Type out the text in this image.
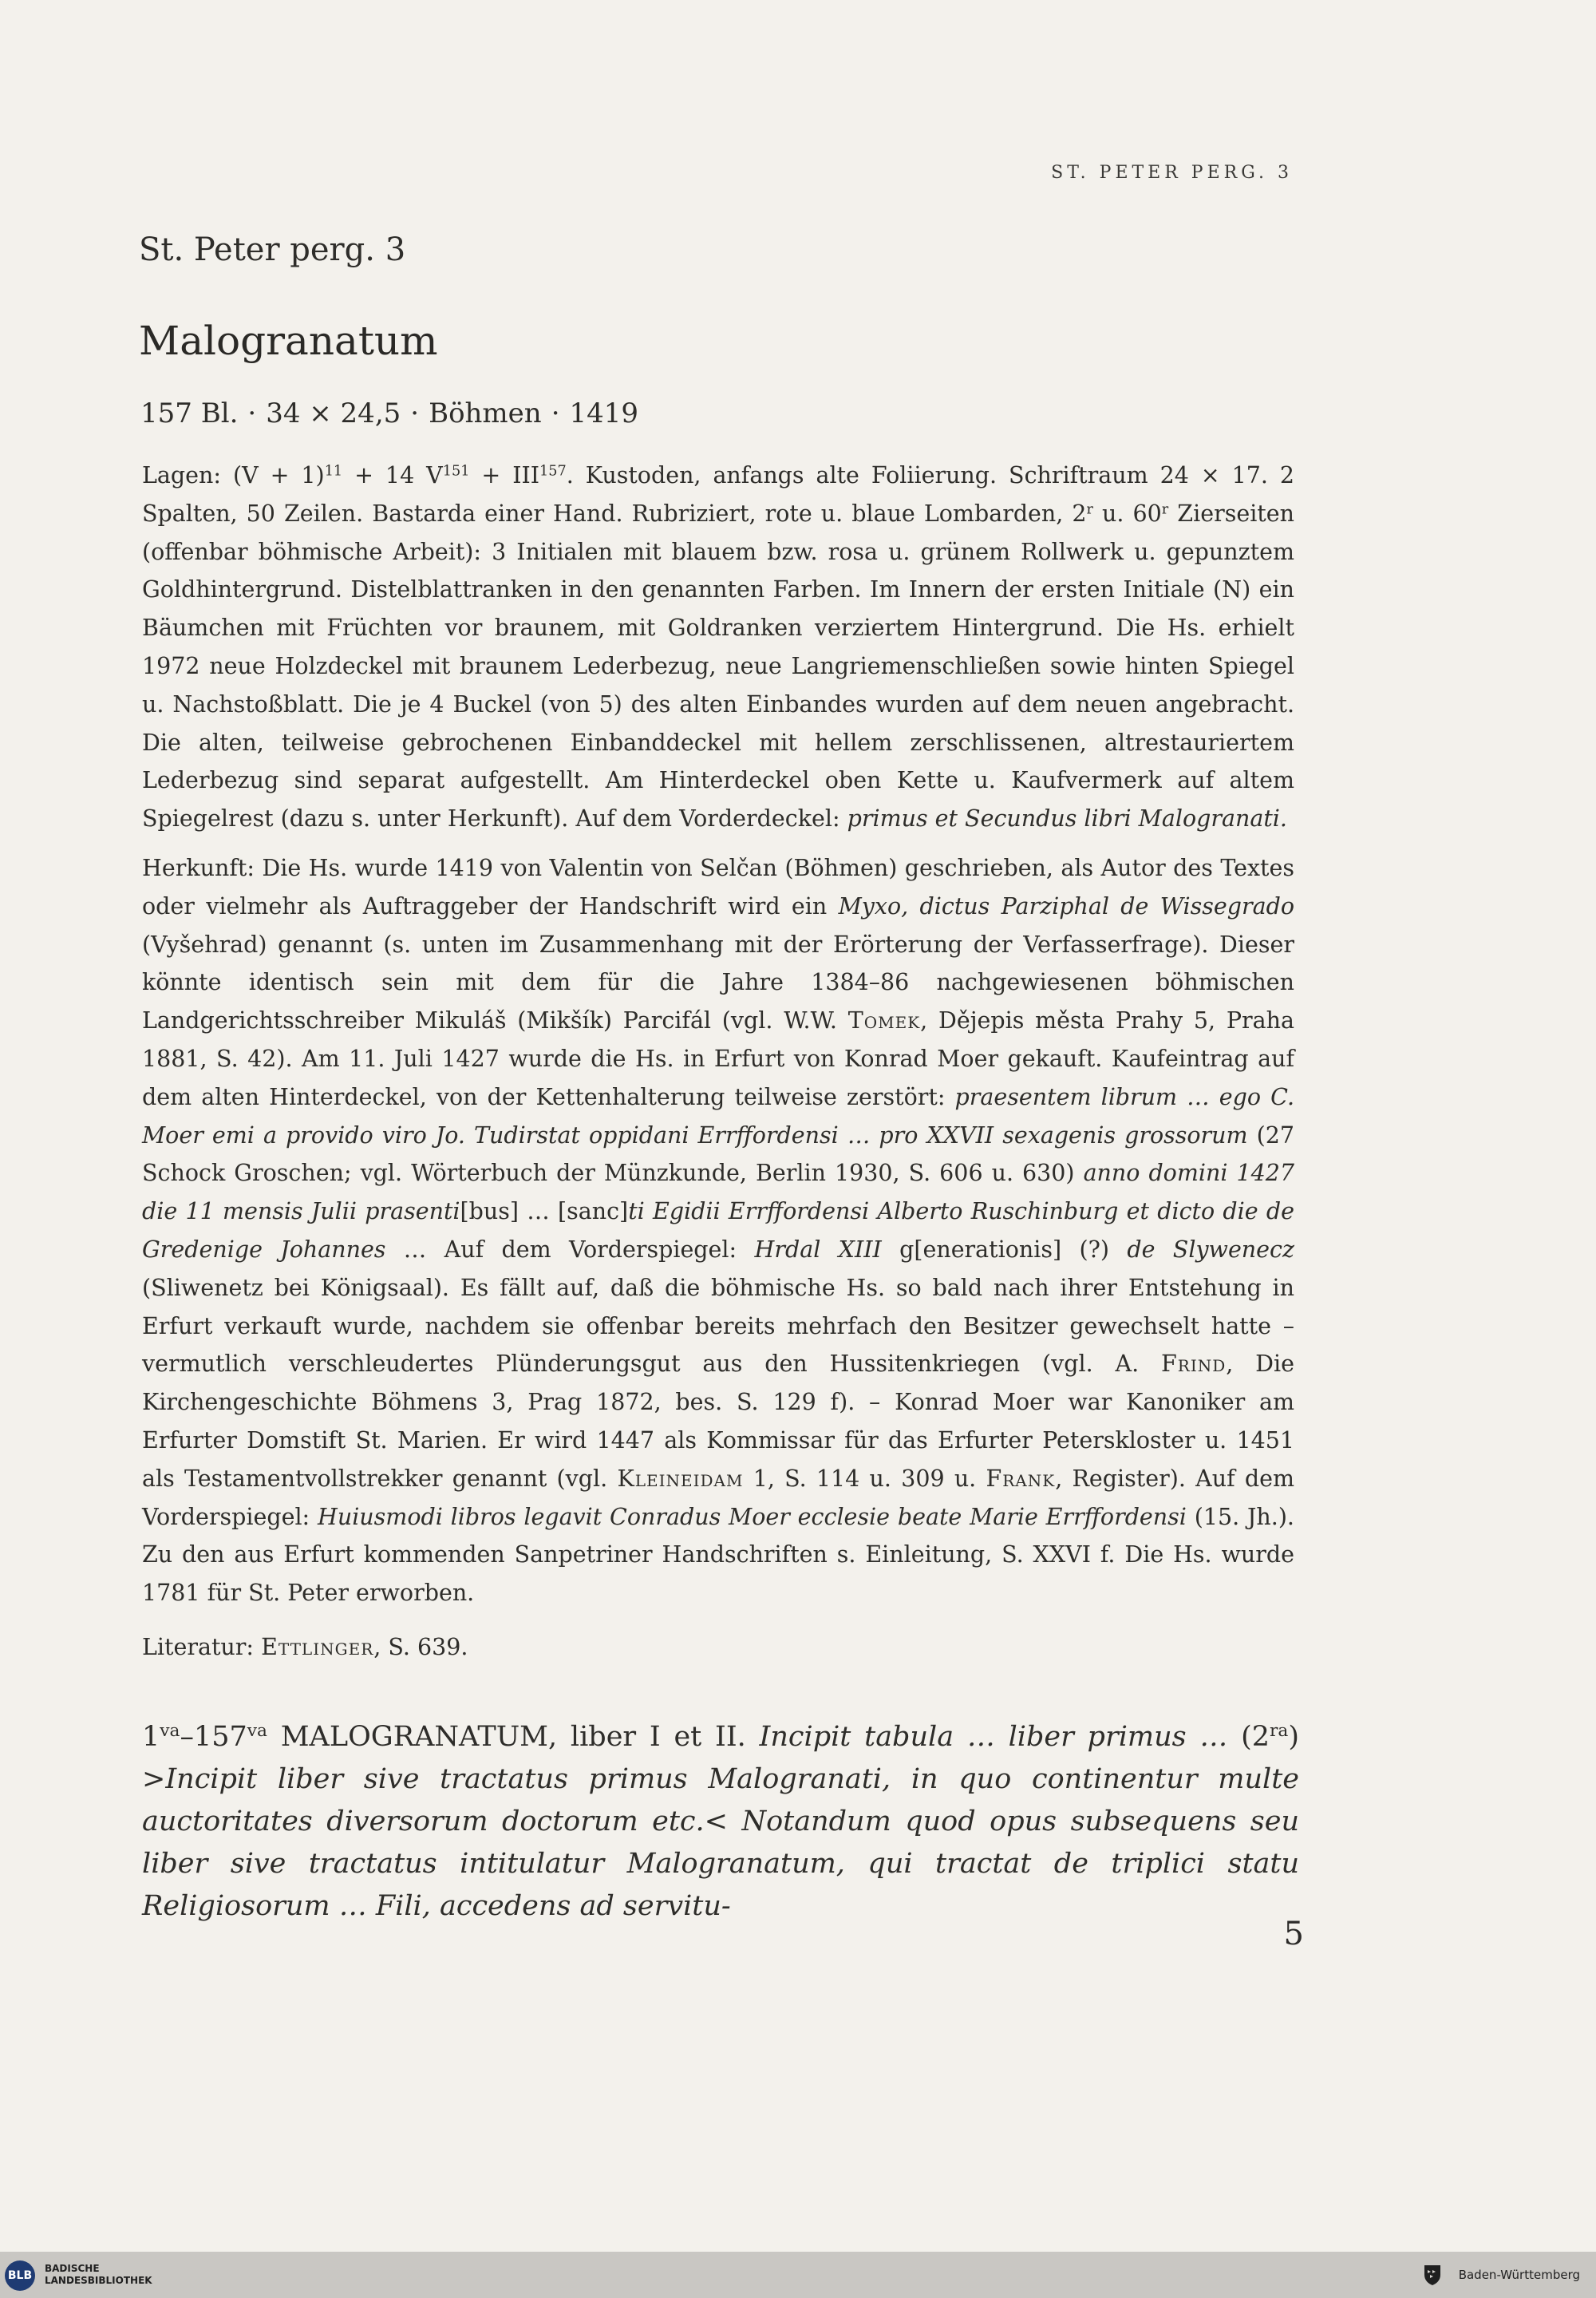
ST. PETER PERG. 3
St. Peter perg. 3
Malogranatum
157 Bl. · 34 × 24,5 · Böhmen · 1419
Lagen: $(V + 1)^{11} + 14$ $V^{151} + III^{157}$. Kustoden, anfangs alte Foliierung. Schriftraum 24 × 17. 2 Spalten, 50 Zeilen. Bastarda einer Hand. Rubriziert, rote u. blaue Lombarden, 2$^r$ u. 60$^r$ Zierseiten (offenbar böhmische Arbeit): 3 Initialen mit blauem bzw. rosa u. grünem Rollwerk u. gepunztem Goldhintergrund. Distelblattranken in den genannten Farben. Im Innern der ersten Initiale (N) ein Bäumchen mit Früchten vor braunem, mit Goldranken verziertem Hintergrund. Die Hs. erhielt 1972 neue Holzdeckel mit braunem Lederbezug, neue Langriemenschließen sowie hinten Spiegel u. Nachstoßblatt. Die je 4 Buckel (von 5) des alten Einbandes wurden auf dem neuen angebracht. Die alten, teilweise gebrochenen Einbanddeckel mit hellem zerschlissenen, altrestauriertem Lederbezug sind separat aufgestellt. Am Hinterdeckel oben Kette u. Kaufvermerk auf altem Spiegelrest (dazu s. unter Herkunft). Auf dem Vorderdeckel: primus et Secundus libri Malogranati.
Herkunft: Die Hs. wurde 1419 von Valentin von Selčan (Böhmen) geschrieben, als Autor des Textes oder vielmehr als Auftraggeber der Handschrift wird ein Myxo, dictus Parziphal de Wissegrado (Vyšehrad) genannt (s. unten im Zusammenhang mit der Erörterung der Verfasserfrage). Dieser könnte identisch sein mit dem für die Jahre 1384–86 nachgewiesenen böhmischen Landgerichtsschreiber Mikuláš (Mikšík) Parcifál (vgl. W.W. Tomek, Dějepis města Prahy 5, Praha 1881, S. 42). Am 11. Juli 1427 wurde die Hs. in Erfurt von Konrad Moer gekauft. Kaufeintrag auf dem alten Hinterdeckel, von der Kettenhalterung teilweise zerstört: praesentem librum … ego C. Moer emi a provido viro Jo. Tudirstat oppidani Errffordensi … pro XXVII sexagenis grossorum (27 Schock Groschen; vgl. Wörterbuch der Münzkunde, Berlin 1930, S. 606 u. 630) anno domini 1427 die 11 mensis Julii prasenti[bus] … [sanc]ti Egidii Errffordensi Alberto Ruschinburg et dicto die de Gredenige Johannes … Auf dem Vorderspiegel: Hrdal XIII g[enerationis] (?) de Slywenecz (Sliwenetz bei Königsaal). Es fällt auf, daß die böhmische Hs. so bald nach ihrer Entstehung in Erfurt verkauft wurde, nachdem sie offenbar bereits mehrfach den Besitzer gewechselt hatte – vermutlich verschleudertes Plünderungsgut aus den Hussitenkriegen (vgl. A. Frind, Die Kirchengeschichte Böhmens 3, Prag 1872, bes. S. 129 f). – Konrad Moer war Kanoniker am Erfurter Domstift St. Marien. Er wird 1447 als Kommissar für das Erfurter Peterskloster u. 1451 als Testamentvollstrekker genannt (vgl. Kleineidam 1, S. 114 u. 309 u. Frank, Register). Auf dem Vorderspiegel: Huiusmodi libros legavit Conradus Moer ecclesie beate Marie Errffordensi (15. Jh.). Zu den aus Erfurt kommenden Sanpetriner Handschriften s. Einleitung, S. XXVI f. Die Hs. wurde 1781 für St. Peter erworben.
Literatur: Ettlinger, S. 639.
$1^{va}-157^{va}$ MALOGRANATUM, liber I et II. Incipit tabula … liber primus … $(2^{ra})$ >Incipit liber sive tractatus primus Malogranati, in quo continentur multe auctoritates diversorum doctorum etc.< Notandum quod opus subsequens seu liber sive tractatus intitulatur Malogranatum, qui tractat de triplici statu Religiosorum … Fili, accedens ad servitu-
5
BLB
BADISCHE
LANDESBIBLIOTHEK	Baden-Württemberg
